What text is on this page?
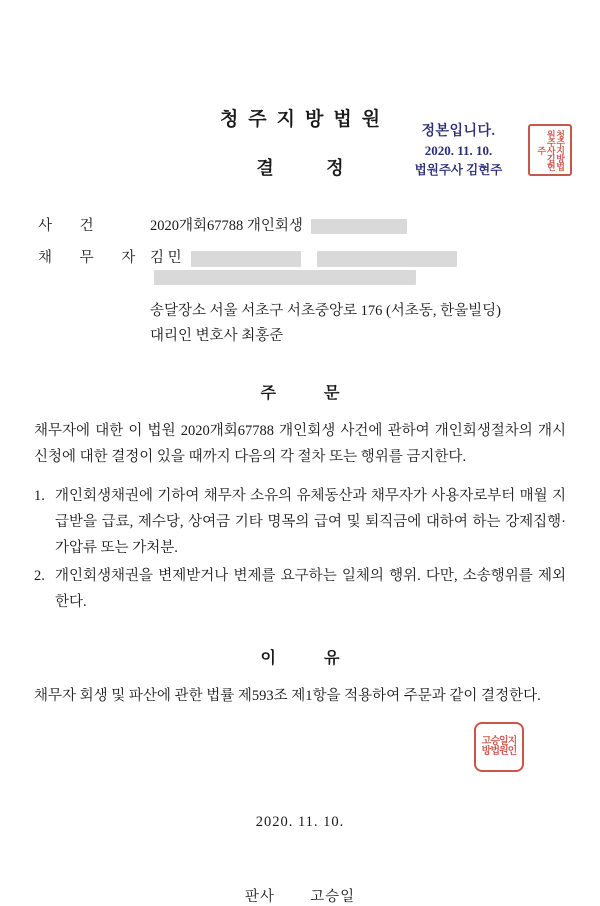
청주지방법원
결 정
정본입니다.
2020. 11. 10.
법원주사 김현주
청주지방법원주사김현주
사 건	2020개회67788 개인회생
채 무 자 김 민
송달장소 서울 서초구 서초중앙로 176 (서초동, 한울빌딩)
대리인 변호사 최홍준
주 문
채무자에 대한 이 법원 2020개회67788 개인회생 사건에 관하여 개인회생절차의 개시신청에 대한 결정이 있을 때까지 다음의 각 절차 또는 행위를 금지한다.
1. 개인회생채권에 기하여 채무자 소유의 유체동산과 채무자가 사용자로부터 매월 지급받을 급료, 제수당, 상여금 기타 명목의 급여 및 퇴직금에 대하여 하는 강제집행·가압류 또는 가처분.
2. 개인회생채권을 변제받거나 변제를 요구하는 일체의 행위. 다만, 소송행위를 제외한다.
이 유
채무자 회생 및 파산에 관한 법률 제593조 제1항을 적용하여 주문과 같이 결정한다.
2020. 11. 10.
판사 고승일
고승일지방법원인
